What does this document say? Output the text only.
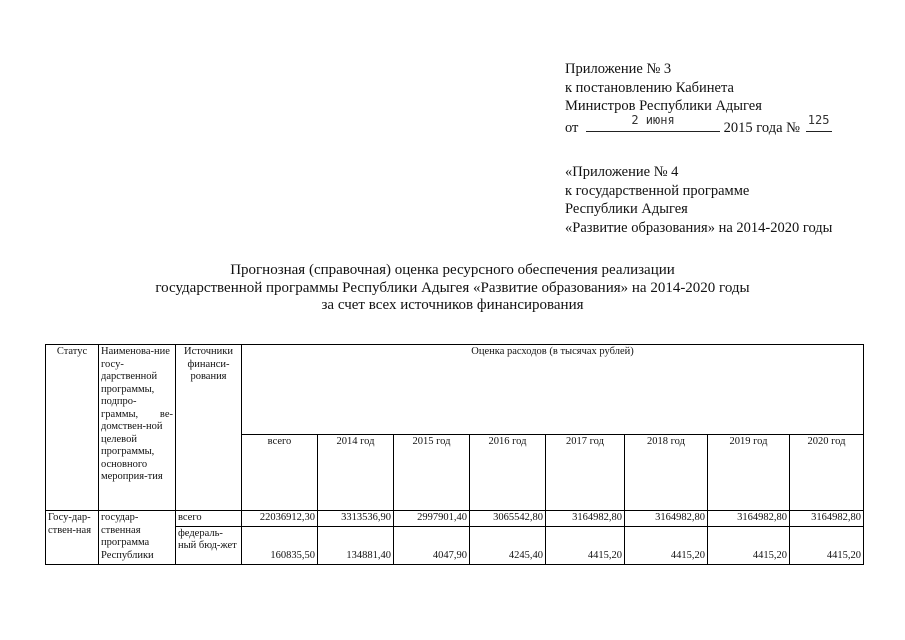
Приложение № 3
к постановлению Кабинета
Министров Республики Адыгея
от	2 июня	2015 года № 125
«Приложение № 4
к государственной программе
Республики Адыгея
«Развитие образования» на 2014-2020 годы
Прогнозная (справочная) оценка ресурсного обеспечения реализации
государственной программы Республики Адыгея «Развитие образования» на 2014-2020 годы
за счет всех источников финансирования
Статус	Наименова-ние госу-дарственной программы, подпро-граммы, ве-домствен-ной целевой программы, основного мероприя-тия	Источники финанси-рования	Оценка расходов (в тысячах рублей)							
			всего	2014 год	2015 год	2016 год	2017 год	2018 год	2019 год	2020 год
Госу-дар-ствен-ная	государ-ственная программа Республики	всего	22036912,30	3313536,90	2997901,40	3065542,80	3164982,80	3164982,80	3164982,80	3164982,80
		федераль-ный бюд-жет	160835,50	134881,40	4047,90	4245,40	4415,20	4415,20	4415,20	4415,20
